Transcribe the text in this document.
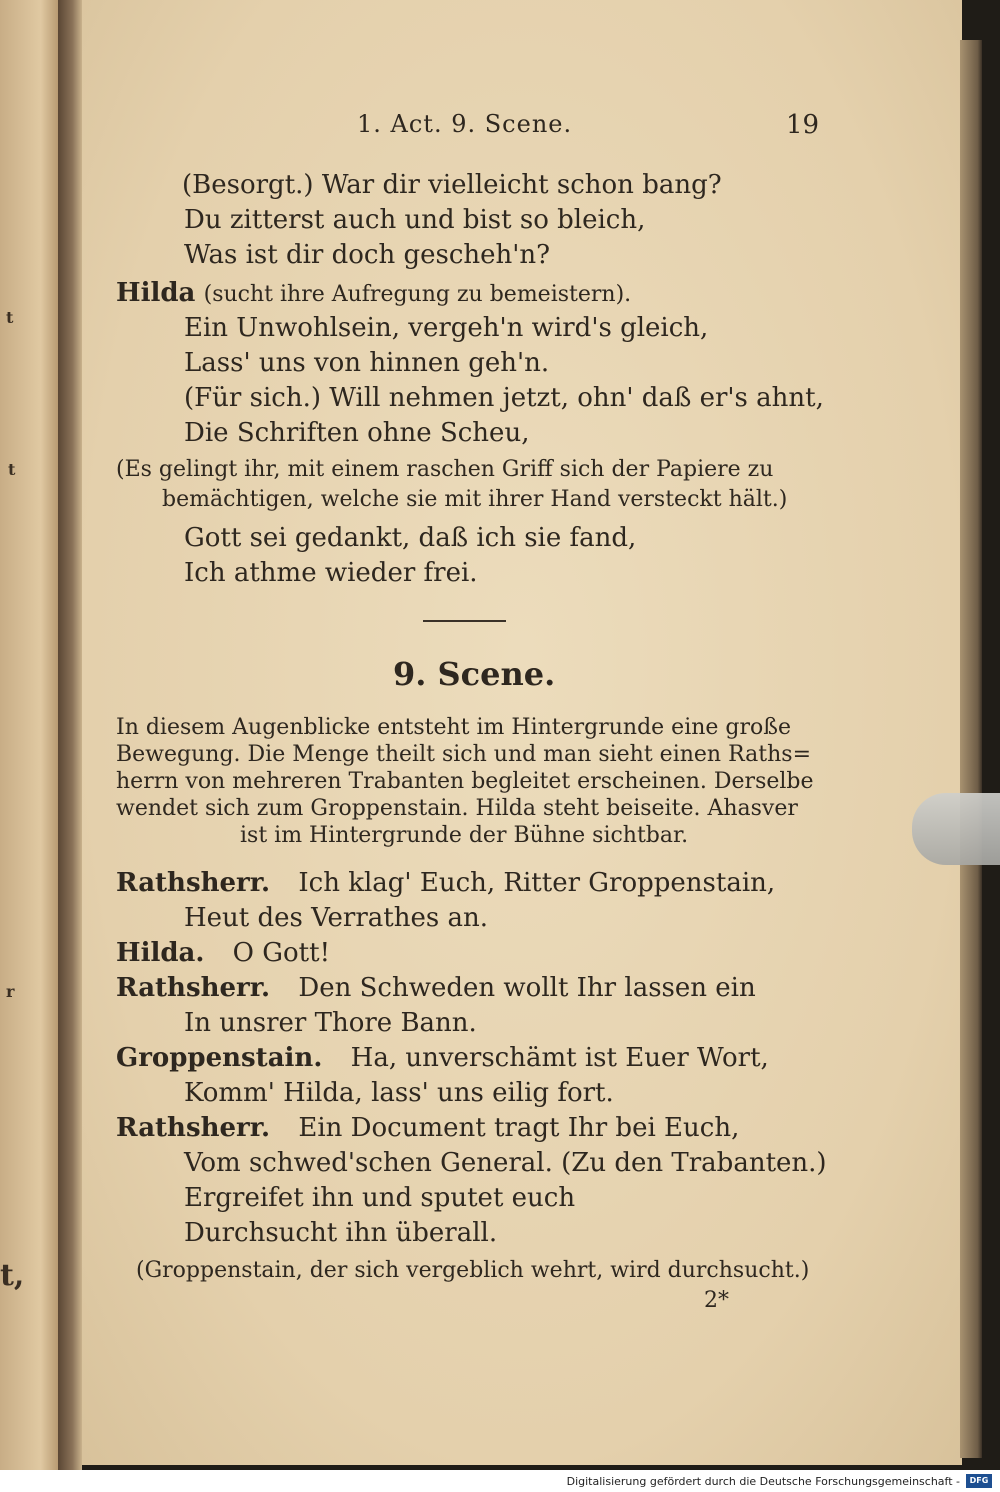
t
t
r
t,
1. Act. 9. Scene.	19
(Besorgt.) War dir vielleicht schon bang?
Du zitterst auch und bist so bleich,
Was ist dir doch gescheh'n?
Hilda (sucht ihre Aufregung zu bemeistern).
Ein Unwohlsein, vergeh'n wird's gleich,
Lass' uns von hinnen geh'n.
(Für sich.) Will nehmen jetzt, ohn' daß er's ahnt,
Die Schriften ohne Scheu,
(Es gelingt ihr, mit einem raschen Griff sich der Papiere zu
bemächtigen, welche sie mit ihrer Hand versteckt hält.)
Gott sei gedankt, daß ich sie fand,
Ich athme wieder frei.
9. Scene.
In diesem Augenblicke entsteht im Hintergrunde eine große
Bewegung. Die Menge theilt sich und man sieht einen Raths=
herrn von mehreren Trabanten begleitet erscheinen. Derselbe
wendet sich zum Groppenstain. Hilda steht beiseite. Ahasver
ist im Hintergrunde der Bühne sichtbar.
Rathsherr. Ich klag' Euch, Ritter Groppenstain,
Heut des Verrathes an.
Hilda. O Gott!
Rathsherr. Den Schweden wollt Ihr lassen ein
In unsrer Thore Bann.
Groppenstain. Ha, unverschämt ist Euer Wort,
Komm' Hilda, lass' uns eilig fort.
Rathsherr. Ein Document tragt Ihr bei Euch,
Vom schwed'schen General. (Zu den Trabanten.)
Ergreifet ihn und sputet euch
Durchsucht ihn überall.
(Groppenstain, der sich vergeblich wehrt, wird durchsucht.)
2*
Digitalisierung gefördert durch die Deutsche Forschungsgemeinschaft -	DFG
